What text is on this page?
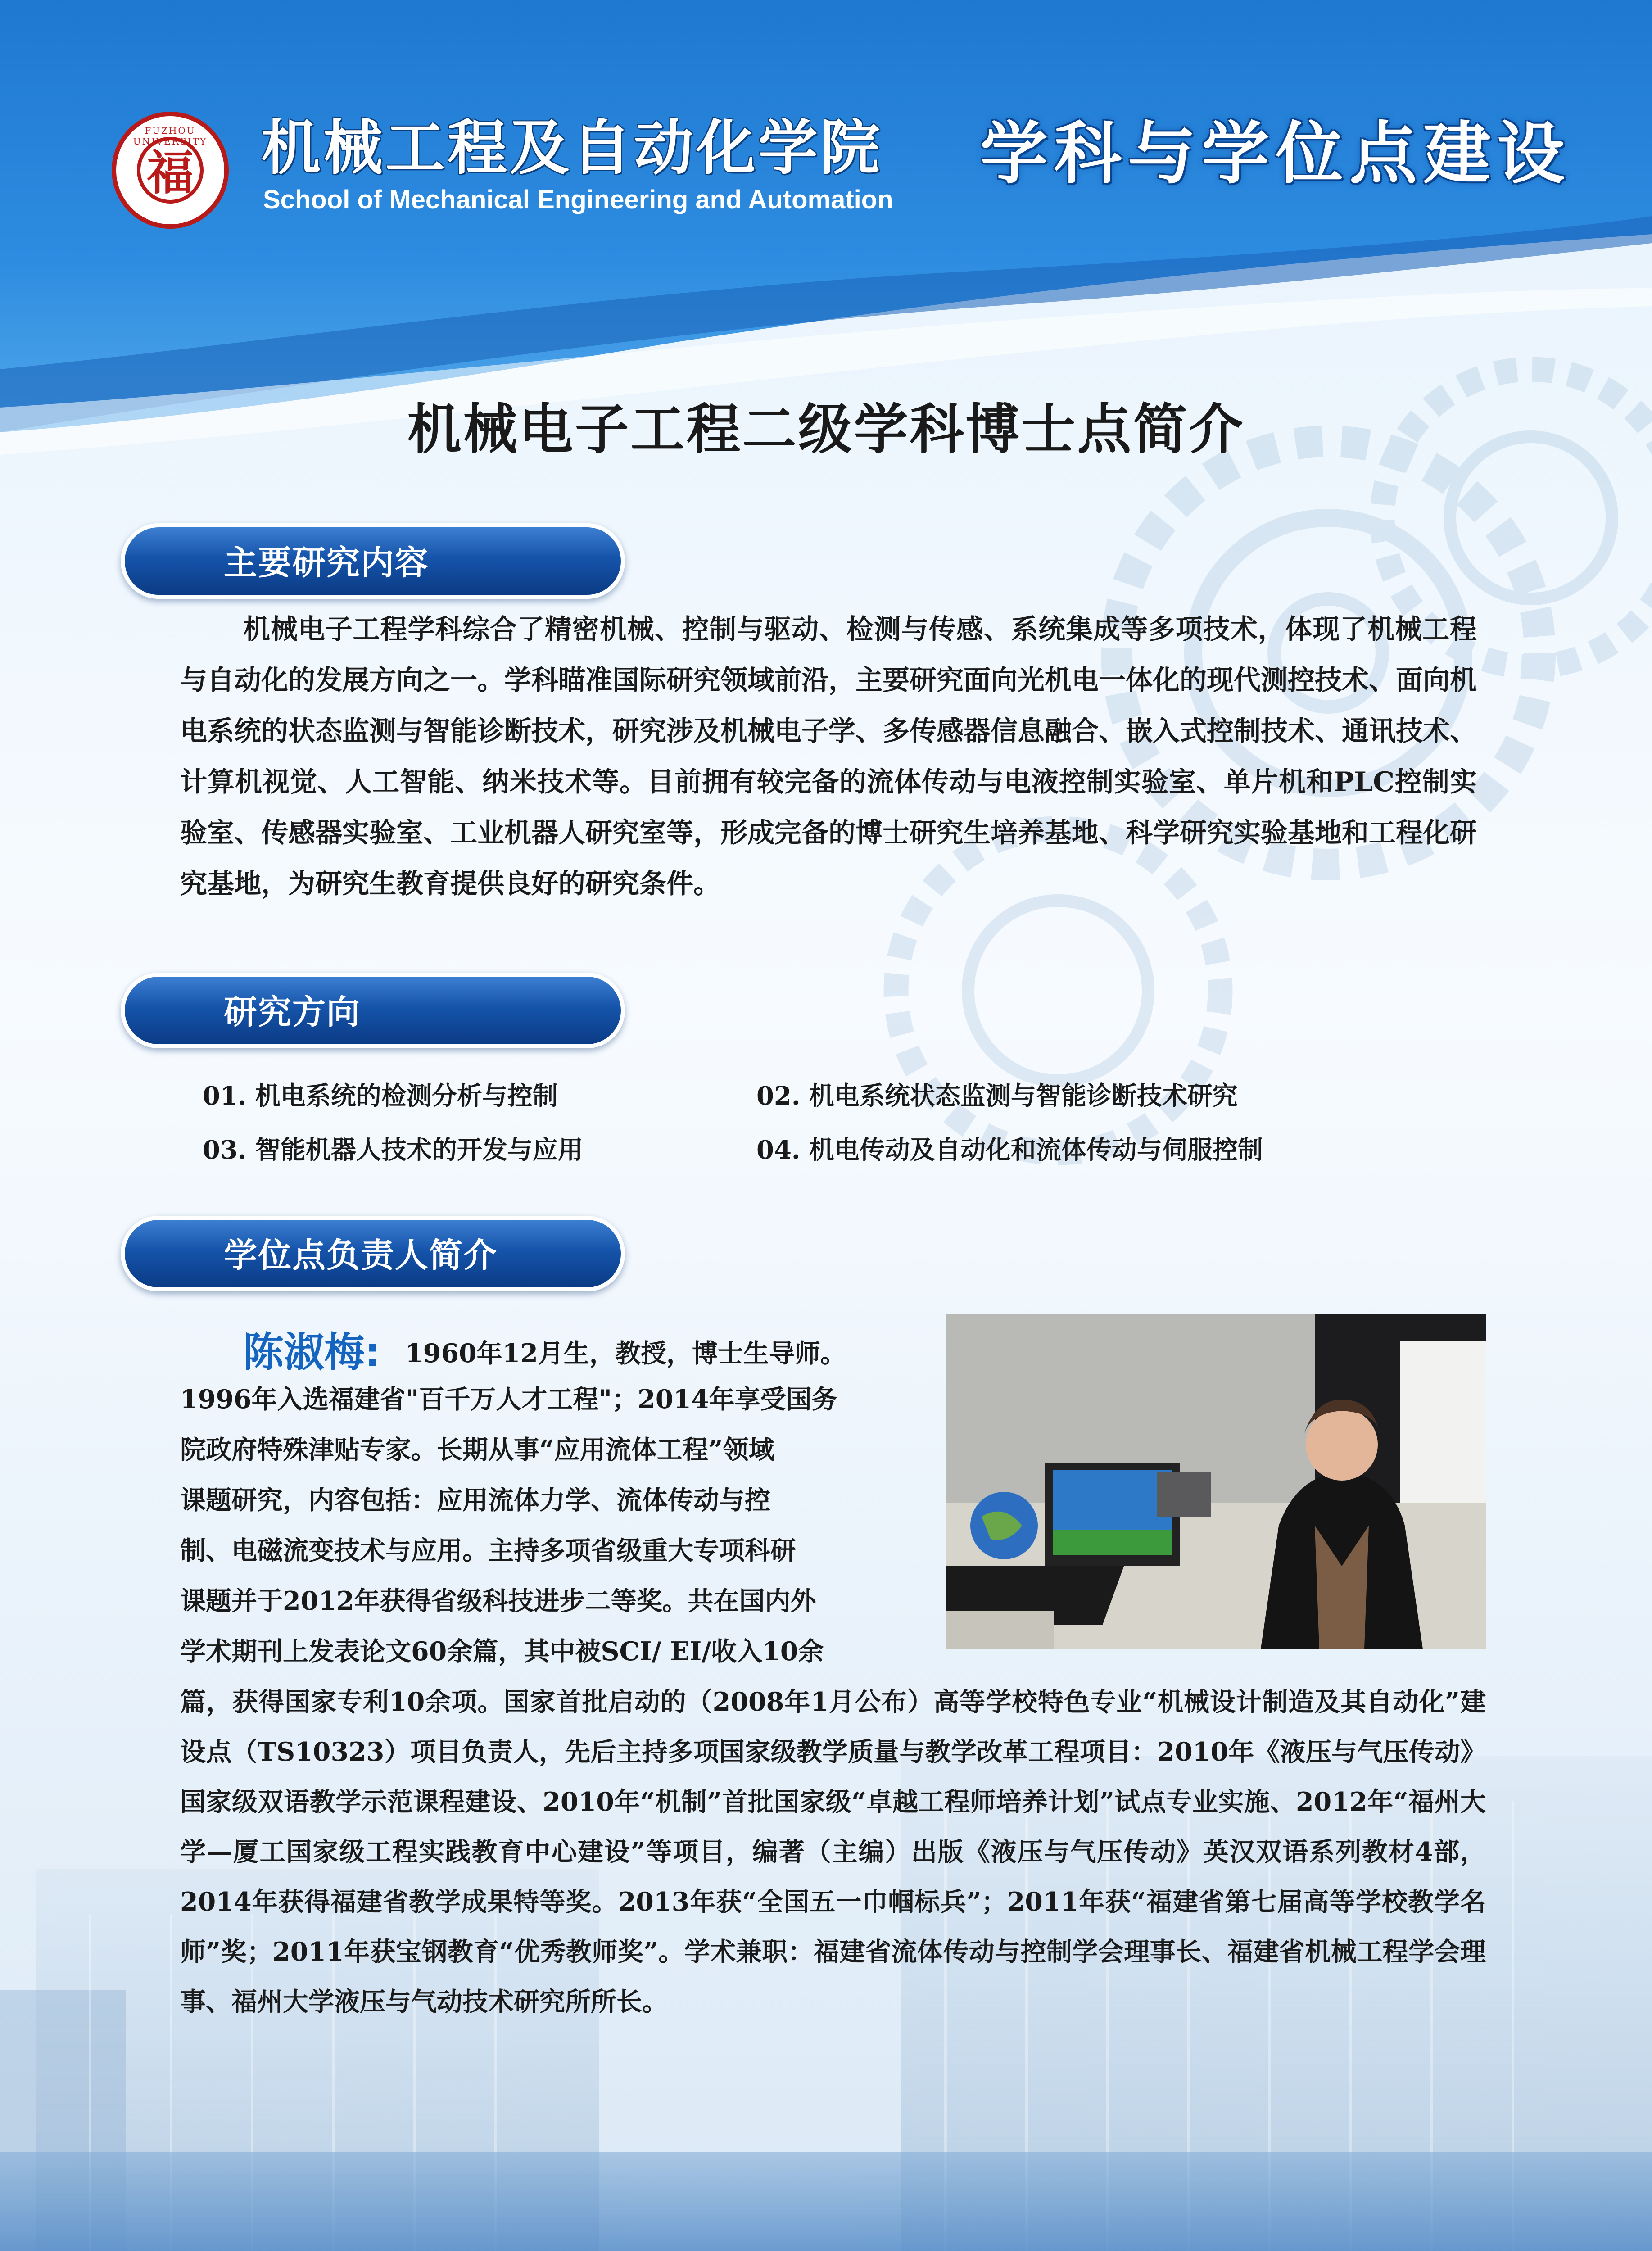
FUZHOU UNIVERSITY
福 机械工程及自动化学院
School of Mechanical Engineering and Automation
学科与学位点建设
机械电子工程二级学科博士点简介
主要研究内容

机械电子工程学科综合了精密机械、控制与驱动、检测与传感、系统集成等多项技术，体现了机械工程与自动化的发展方向之一。学科瞄准国际研究领域前沿，主要研究面向光机电一体化的现代测控技术、面向机电系统的状态监测与智能诊断技术，研究涉及机械电子学、多传感器信息融合、嵌入式控制技术、通讯技术、计算机视觉、人工智能、纳米技术等。目前拥有较完备的流体传动与电液控制实验室、单片机和PLC控制实验室、传感器实验室、工业机器人研究室等，形成完备的博士研究生培养基地、科学研究实验基地和工程化研究基地，为研究生教育提供良好的研究条件。

研究方向
01. 机电系统的检测分析与控制	02. 机电系统状态监测与智能诊断技术研究
03. 智能机器人技术的开发与应用	04. 机电传动及自动化和流体传动与伺服控制
学位点负责人简介
陈淑梅: 1960年12月生，教授，博士生导师。
1996年入选福建省"百千万人才工程"；2014年享受国务
院政府特殊津贴专家。长期从事“应用流体工程”领域
课题研究，内容包括：应用流体力学、流体传动与控
制、电磁流变技术与应用。主持多项省级重大专项科研
课题并于2012年获得省级科技进步二等奖。共在国内外
学术期刊上发表论文60余篇，其中被SCI/ EI/收入10余

篇，获得国家专利10余项。国家首批启动的（2008年1月公布）高等学校特色专业“机械设计制造及其自动化”建设点（TS10323）项目负责人，先后主持多项国家级教学质量与教学改革工程项目：2010年《液压与气压传动》国家级双语教学示范课程建设、2010年“机制”首批国家级“卓越工程师培养计划”试点专业实施、2012年“福州大学—厦工国家级工程实践教育中心建设”等项目，编著（主编）出版《液压与气压传动》英汉双语系列教材4部，2014年获得福建省教学成果特等奖。2013年获“全国五一巾帼标兵”；2011年获“福建省第七届高等学校教学名师”奖；2011年获宝钢教育“优秀教师奖”。学术兼职：福建省流体传动与控制学会理事长、福建省机械工程学会理事、福州大学液压与气动技术研究所所长。
